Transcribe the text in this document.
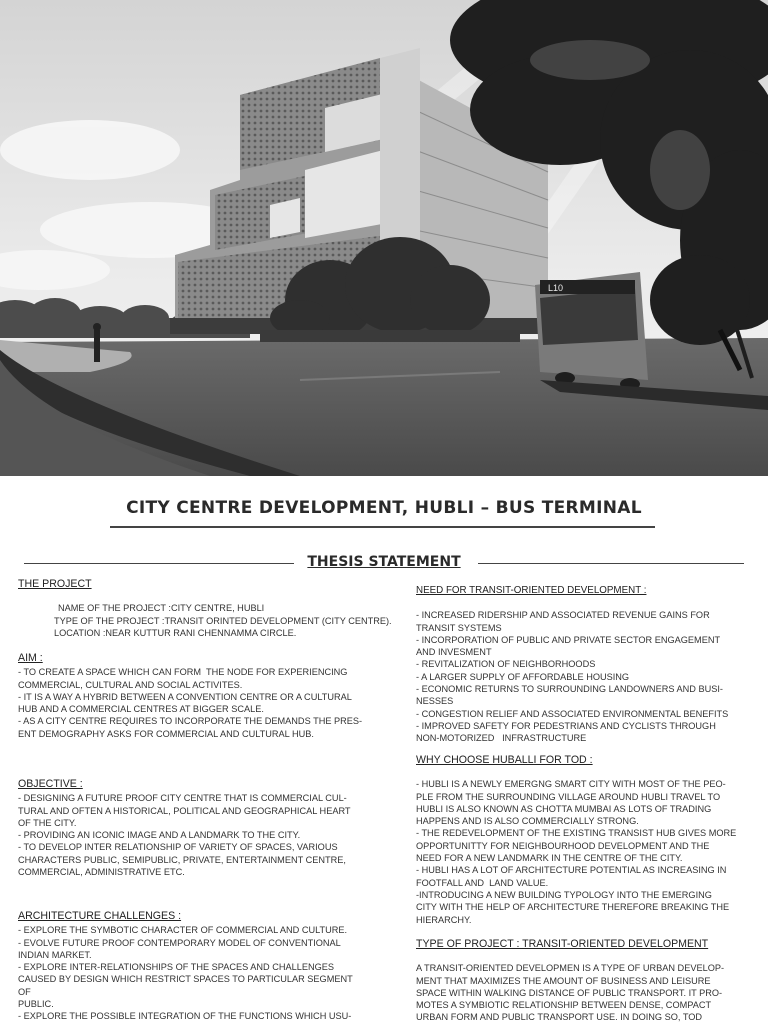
L10
CITY CENTRE DEVELOPMENT, HUBLI – BUS TERMINAL
THESIS STATEMENT
THE PROJECT
NAME OF THE PROJECT :CITY CENTRE, HUBLI
TYPE OF THE PROJECT :TRANSIT ORINTED DEVELOPMENT (CITY CENTRE).
LOCATION :NEAR KUTTUR RANI CHENNAMMA CIRCLE.
AIM :
- TO CREATE A SPACE WHICH CAN FORM  THE NODE FOR EXPERIENCING
COMMERCIAL, CULTURAL AND SOCIAL ACTIVITES.
- IT IS A WAY A HYBRID BETWEEN A CONVENTION CENTRE OR A CULTURAL
HUB AND A COMMERCIAL CENTRES AT BIGGER SCALE.
- AS A CITY CENTRE REQUIRES TO INCORPORATE THE DEMANDS THE PRES-
ENT DEMOGRAPHY ASKS FOR COMMERCIAL AND CULTURAL HUB.
OBJECTIVE :
- DESIGNING A FUTURE PROOF CITY CENTRE THAT IS COMMERCIAL CUL-
TURAL AND OFTEN A HISTORICAL, POLITICAL AND GEOGRAPHICAL HEART
OF THE CITY.
- PROVIDING AN ICONIC IMAGE AND A LANDMARK TO THE CITY.
- TO DEVELOP INTER RELATIONSHIP OF VARIETY OF SPACES, VARIOUS
CHARACTERS PUBLIC, SEMIPUBLIC, PRIVATE, ENTERTAINMENT CENTRE,
COMMERCIAL, ADMINISTRATIVE ETC.
ARCHITECTURE CHALLENGES :
- EXPLORE THE SYMBOTIC CHARACTER OF COMMERCIAL AND CULTURE.
- EVOLVE FUTURE PROOF CONTEMPORARY MODEL OF CONVENTIONAL
INDIAN MARKET.
- EXPLORE INTER-RELATIONSHIPS OF THE SPACES AND CHALLENGES
CAUSED BY DESIGN WHICH RESTRICT SPACES TO PARTICULAR SEGMENT
OF
PUBLIC.
- EXPLORE THE POSSIBLE INTEGRATION OF THE FUNCTIONS WHICH USU-
NEED FOR TRANSIT-ORIENTED DEVELOPMENT :
- INCREASED RIDERSHIP AND ASSOCIATED REVENUE GAINS FOR
TRANSIT SYSTEMS
- INCORPORATION OF PUBLIC AND PRIVATE SECTOR ENGAGEMENT
AND INVESMENT
- REVITALIZATION OF NEIGHBORHOODS
- A LARGER SUPPLY OF AFFORDABLE HOUSING
- ECONOMIC RETURNS TO SURROUNDING LANDOWNERS AND BUSI-
NESSES
- CONGESTION RELIEF AND ASSOCIATED ENVIRONMENTAL BENEFITS
- IMPROVED SAFETY FOR PEDESTRIANS AND CYCLISTS THROUGH
NON-MOTORIZED   INFRASTRUCTURE
WHY CHOOSE HUBALLI FOR TOD :
- HUBLI IS A NEWLY EMERGNG SMART CITY WITH MOST OF THE PEO-
PLE FROM THE SURROUNDING VILLAGE AROUND HUBLI TRAVEL TO
HUBLI IS ALSO KNOWN AS CHOTTA MUMBAI AS LOTS OF TRADING
HAPPENS AND IS ALSO COMMERCIALLY STRONG.
- THE REDEVELOPMENT OF THE EXISTING TRANSIST HUB GIVES MORE
OPPORTUNITTY FOR NEIGHBOURHOOD DEVELOPMENT AND THE
NEED FOR A NEW LANDMARK IN THE CENTRE OF THE CITY.
- HUBLI HAS A LOT OF ARCHITECTURE POTENTIAL AS INCREASING IN
FOOTFALL AND  LAND VALUE.
-INTRODUCING A NEW BUILDING TYPOLOGY INTO THE EMERGING
CITY WITH THE HELP OF ARCHITECTURE THEREFORE BREAKING THE
HIERARCHY.
TYPE OF PROJECT : TRANSIT-ORIENTED DEVELOPMENT
A TRANSIT-ORIENTED DEVELOPMEN IS A TYPE OF URBAN DEVELOP-
MENT THAT MAXIMIZES THE AMOUNT OF BUSINESS AND LEISURE
SPACE WITHIN WALKING DISTANCE OF PUBLIC TRANSPORT. IT PRO-
MOTES A SYMBIOTIC RELATIONSHIP BETWEEN DENSE, COMPACT
URBAN FORM AND PUBLIC TRANSPORT USE. IN DOING SO, TOD
